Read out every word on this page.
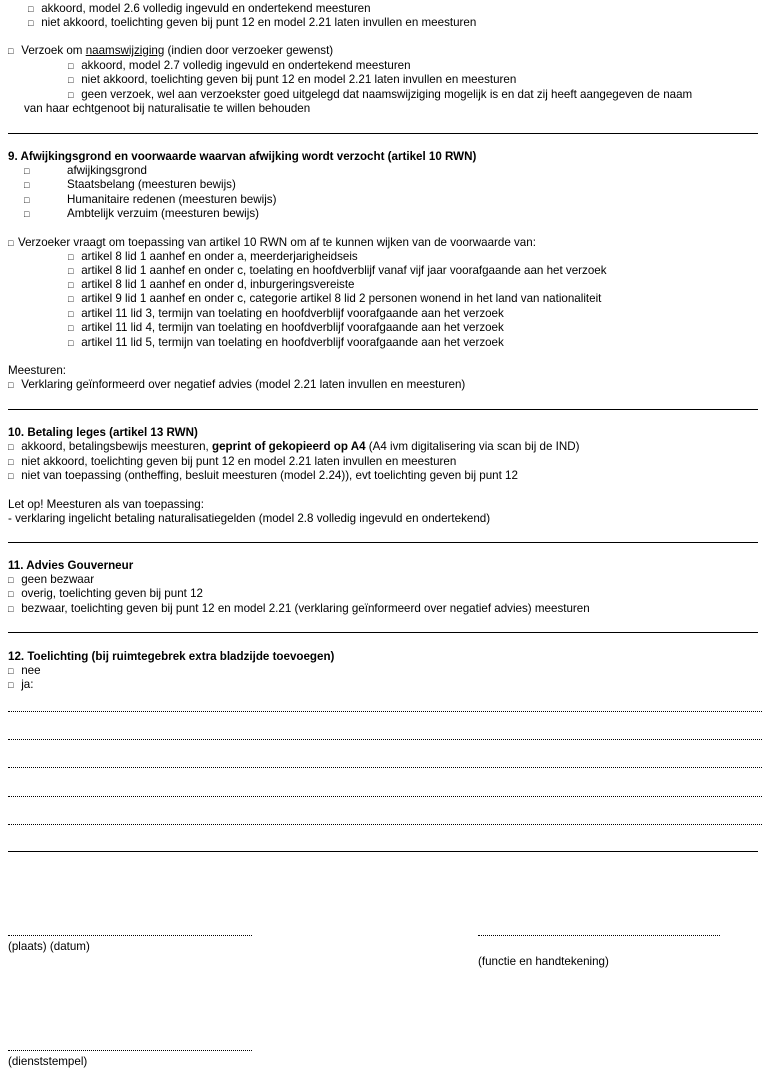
□ akkoord, model 2.6 volledig ingevuld en ondertekend meesturen
□ niet akkoord, toelichting geven bij punt 12 en model 2.21 laten invullen en meesturen
□ Verzoek om naamswijziging (indien door verzoeker gewenst)
□ akkoord, model 2.7 volledig ingevuld en ondertekend meesturen
□ niet akkoord, toelichting geven bij punt 12 en model 2.21 laten invullen en meesturen
□ geen verzoek, wel aan verzoekster goed uitgelegd dat naamswijziging mogelijk is en dat zij heeft aangegeven de naam
van haar echtgenoot bij naturalisatie te willen behouden
9. Afwijkingsgrond en voorwaarde waarvan afwijking wordt verzocht (artikel 10 RWN)
□	afwijkingsgrond
□	Staatsbelang (meesturen bewijs)
□	Humanitaire redenen (meesturen bewijs)
□	Ambtelijk verzuim (meesturen bewijs)
□ Verzoeker vraagt om toepassing van artikel 10 RWN om af te kunnen wijken van de voorwaarde van:
□ artikel 8 lid 1 aanhef en onder a, meerderjarigheidseis
□ artikel 8 lid 1 aanhef en onder c, toelating en hoofdverblijf vanaf vijf jaar voorafgaande aan het verzoek
□ artikel 8 lid 1 aanhef en onder d, inburgeringsvereiste
□ artikel 9 lid 1 aanhef en onder c, categorie artikel 8 lid 2 personen wonend in het land van nationaliteit
□ artikel 11 lid 3, termijn van toelating en hoofdverblijf voorafgaande aan het verzoek
□ artikel 11 lid 4, termijn van toelating en hoofdverblijf voorafgaande aan het verzoek
□ artikel 11 lid 5, termijn van toelating en hoofdverblijf voorafgaande aan het verzoek
Meesturen:
□ Verklaring geïnformeerd over negatief advies (model 2.21 laten invullen en meesturen)
10. Betaling leges (artikel 13 RWN)
□ akkoord, betalingsbewijs meesturen, geprint of gekopieerd op A4 (A4 ivm digitalisering via scan bij de IND)
□ niet akkoord, toelichting geven bij punt 12 en model 2.21 laten invullen en meesturen
□ niet van toepassing (ontheffing, besluit meesturen (model 2.24)), evt toelichting geven bij punt 12
Let op! Meesturen als van toepassing:
- verklaring ingelicht betaling naturalisatiegelden (model 2.8 volledig ingevuld en ondertekend)
11. Advies Gouverneur
□ geen bezwaar
□ overig, toelichting geven bij punt 12
□ bezwaar, toelichting geven bij punt 12 en model 2.21 (verklaring geïnformeerd over negatief advies) meesturen
12. Toelichting (bij ruimtegebrek extra bladzijde toevoegen)
□ nee
□ ja:
(plaats) (datum)
(functie en handtekening)
(dienststempel)
